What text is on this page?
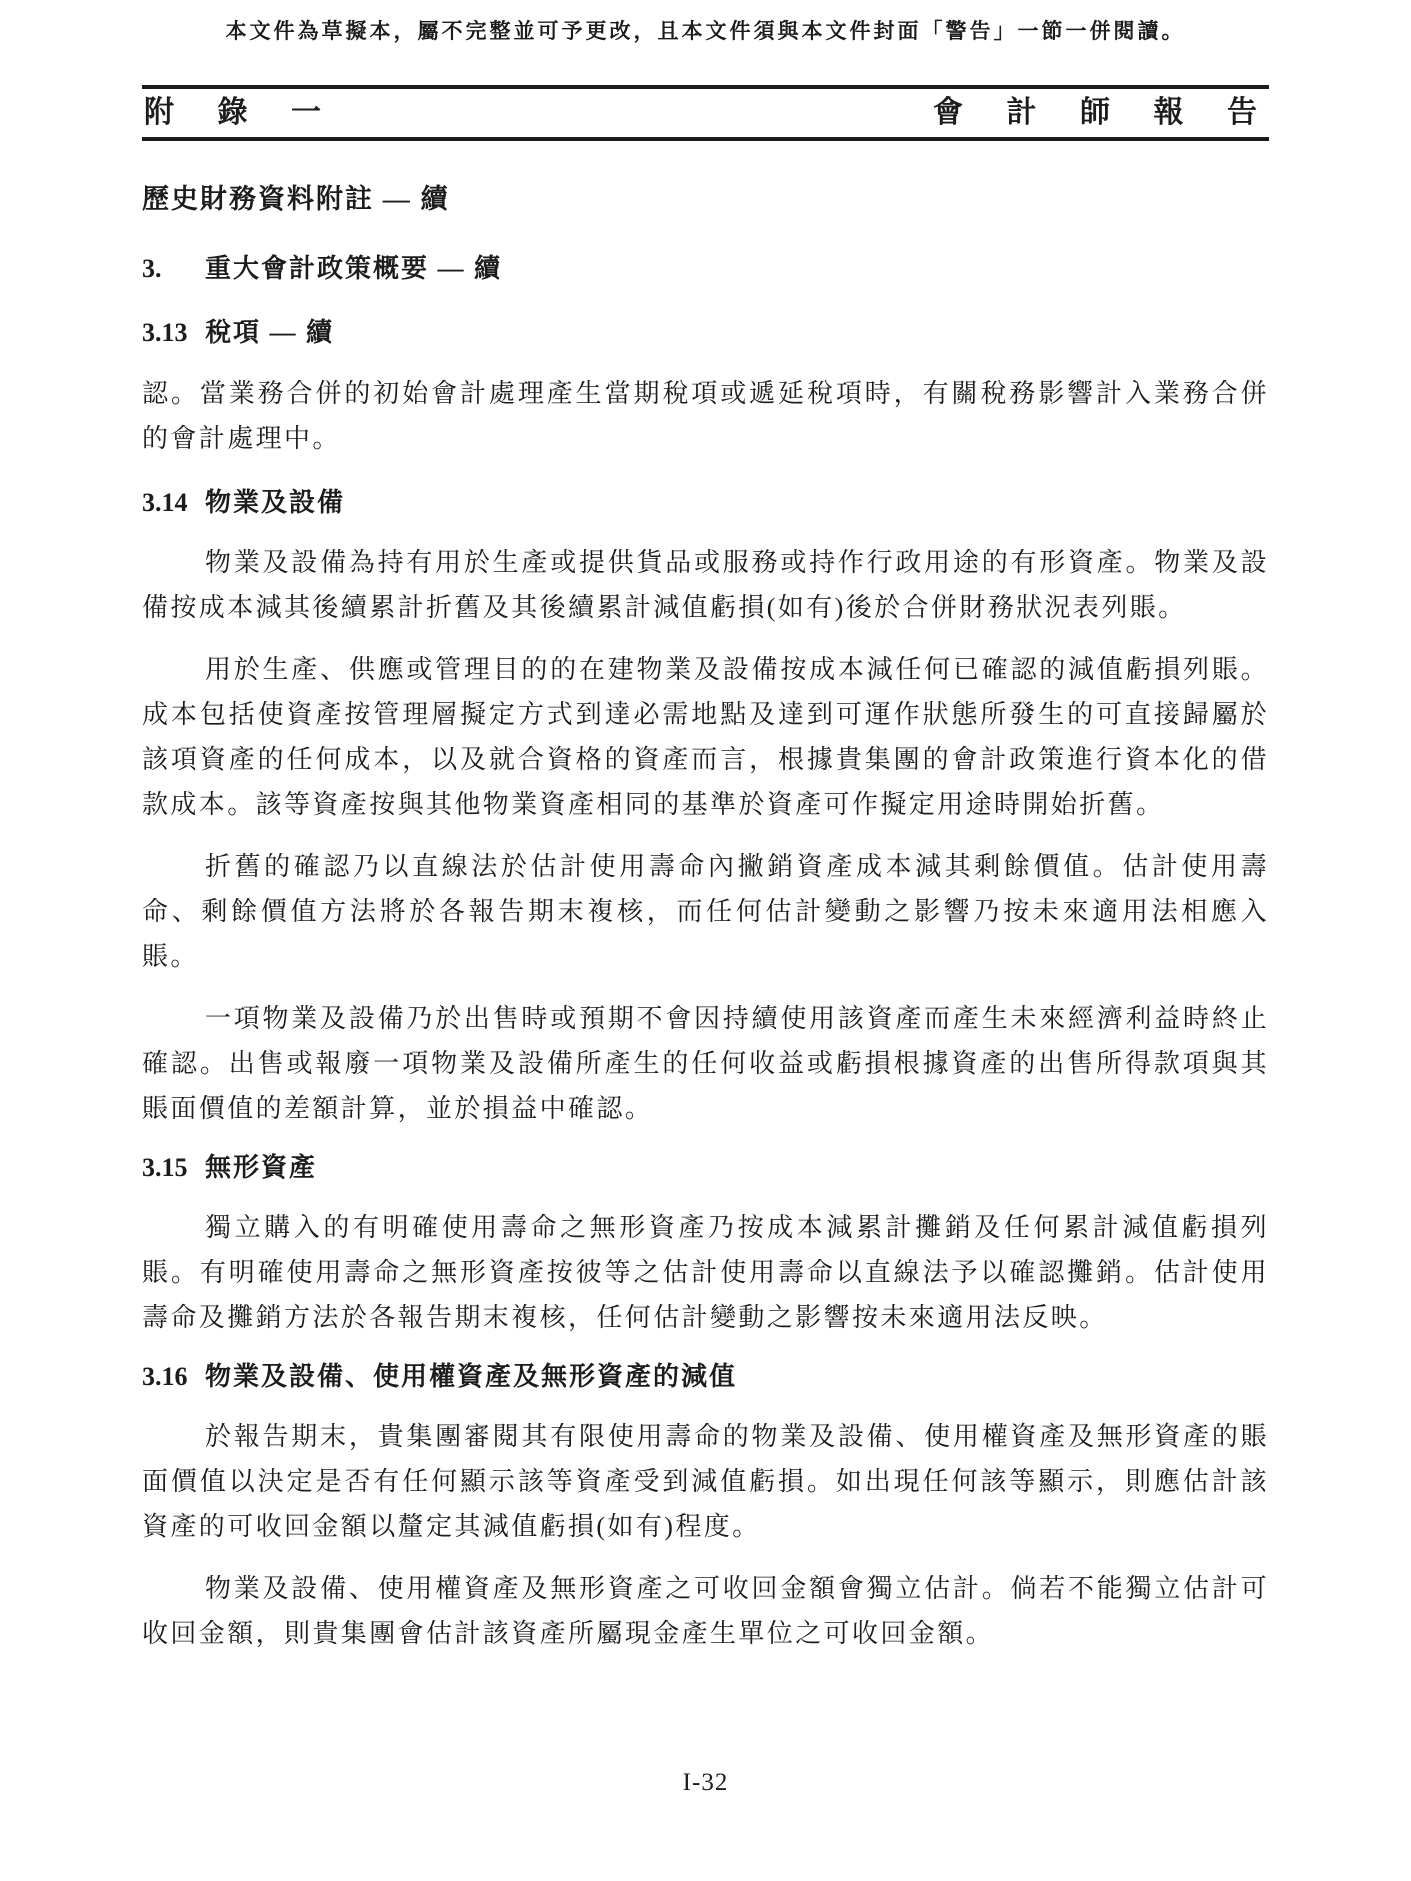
本文件為草擬本，屬不完整並可予更改，且本文件須與本文件封面「警告」一節一併閱讀。
附 錄 一	會 計 師 報 告
歷史財務資料附註 — 續
3.	重大會計政策概要 — 續
3.13 稅項 — 續

認。當業務合併的初始會計處理產生當期稅項或遞延稅項時，有關稅務影響計入業務合併的會計處理中。

3.14 物業及設備

物業及設備為持有用於生產或提供貨品或服務或持作行政用途的有形資產。物業及設備按成本減其後續累計折舊及其後續累計減值虧損(如有)後於合併財務狀況表列賬。

用於生產、供應或管理目的的在建物業及設備按成本減任何已確認的減值虧損列賬。成本包括使資產按管理層擬定方式到達必需地點及達到可運作狀態所發生的可直接歸屬於該項資產的任何成本，以及就合資格的資產而言，根據貴集團的會計政策進行資本化的借款成本。該等資產按與其他物業資產相同的基準於資產可作擬定用途時開始折舊。

折舊的確認乃以直線法於估計使用壽命內撇銷資產成本減其剩餘價值。估計使用壽命、剩餘價值方法將於各報告期末複核，而任何估計變動之影響乃按未來適用法相應入賬。

一項物業及設備乃於出售時或預期不會因持續使用該資產而產生未來經濟利益時終止確認。出售或報廢一項物業及設備所產生的任何收益或虧損根據資產的出售所得款項與其賬面價值的差額計算，並於損益中確認。

3.15 無形資產

獨立購入的有明確使用壽命之無形資產乃按成本減累計攤銷及任何累計減值虧損列賬。有明確使用壽命之無形資產按彼等之估計使用壽命以直線法予以確認攤銷。估計使用壽命及攤銷方法於各報告期末複核，任何估計變動之影響按未來適用法反映。

3.16 物業及設備、使用權資產及無形資產的減值

於報告期末，貴集團審閱其有限使用壽命的物業及設備、使用權資產及無形資產的賬面價值以決定是否有任何顯示該等資產受到減值虧損。如出現任何該等顯示，則應估計該資產的可收回金額以釐定其減值虧損(如有)程度。

物業及設備、使用權資產及無形資產之可收回金額會獨立估計。倘若不能獨立估計可收回金額，則貴集團會估計該資產所屬現金產生單位之可收回金額。

I-32
